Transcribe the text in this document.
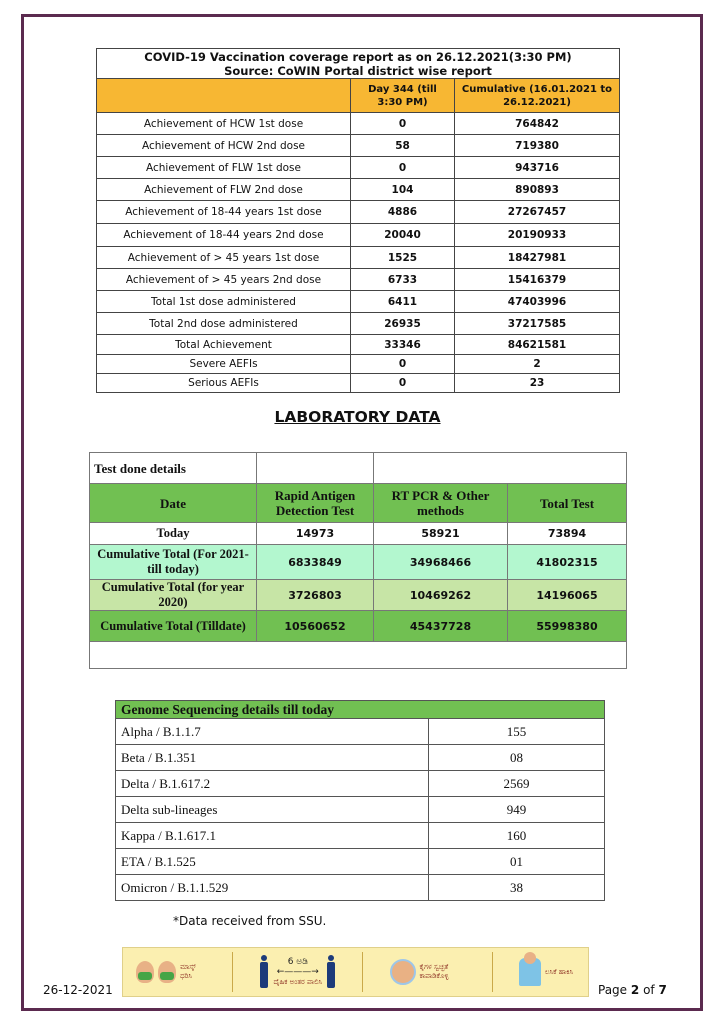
COVID-19 Vaccination coverage report as on 26.12.2021(3:30 PM)
Source: CoWIN Portal district wise report		

	Day 344 (till 3:30 PM)	Cumulative (16.01.2021 to 26.12.2021)
Achievement of HCW 1st dose	0	764842
Achievement of HCW 2nd dose	58	719380
Achievement of FLW 1st dose	0	943716
Achievement of FLW 2nd dose	104	890893
Achievement of 18-44 years 1st dose	4886	27267457
Achievement of 18-44 years 2nd dose	20040	20190933
Achievement of > 45 years 1st dose	1525	18427981
Achievement of > 45 years 2nd dose	6733	15416379
Total 1st dose administered	6411	47403996
Total 2nd dose administered	26935	37217585
Total Achievement	33346	84621581
Severe AEFIs	0	2
Serious AEFIs	0	23
LABORATORY DATA
Test done details			
Date	Rapid Antigen Detection Test	RT PCR & Other methods	Total Test
Today	14973	58921	73894
Cumulative Total (For 2021- till today)	6833849	34968466	41802315
Cumulative Total (for year 2020)	3726803	10469262	14196065
Cumulative Total (Tilldate)	10560652	45437728	55998380

Genome Sequencing details till today	
Alpha / B.1.1.7	155
Beta / B.1.351	08
Delta / B.1.617.2	2569
Delta sub-lineages	949
Kappa / B.1.617.1	160
ETA / B.1.525	01
Omicron / B.1.1.529	38
*Data received from SSU.
ಮಾಸ್ಕ್ ಧರಿಸಿ
6 ಅಡಿ
←———→
ದೈಹಿಕ ಅಂತರ ಪಾಲಿಸಿ
ಕೈಗಳ ಸ್ವಚ್ಛತೆ ಕಾಪಾಡಿಕೊಳ್ಳಿ
ಲಸಿಕೆ ಹಾಕಿಸಿ
26-12-2021	Page 2 of 7
